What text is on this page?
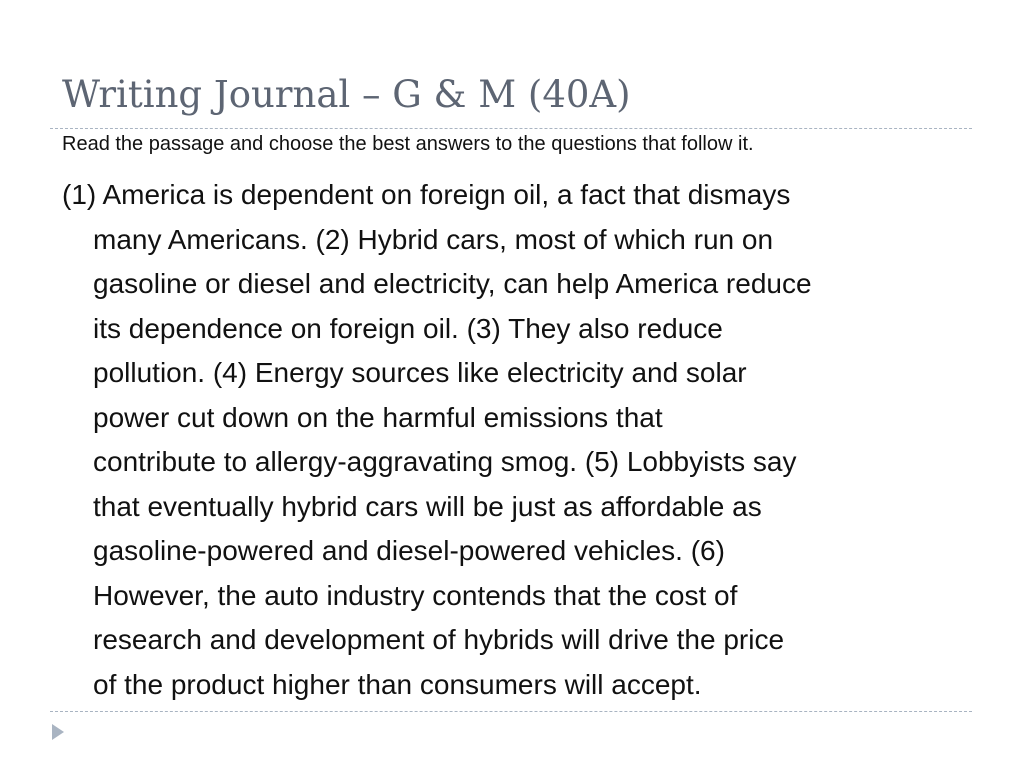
Writing Journal – G & M (40A)

Read the passage and choose the best answers to the questions that follow it.

(1) America is dependent on foreign oil, a fact that dismays
many Americans. (2) Hybrid cars, most of which run on
gasoline or diesel and electricity, can help America reduce
its dependence on foreign oil. (3) They also reduce
pollution. (4) Energy sources like electricity and solar
power cut down on the harmful emissions that
contribute to allergy-aggravating smog. (5) Lobbyists say
that eventually hybrid cars will be just as affordable as
gasoline-powered and diesel-powered vehicles. (6)
However, the auto industry contends that the cost of
research and development of hybrids will drive the price
of the product higher than consumers will accept.
